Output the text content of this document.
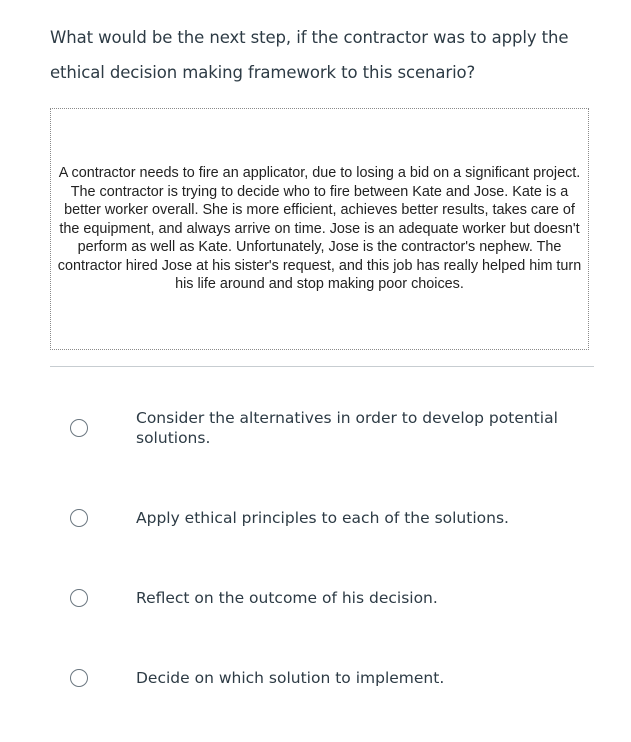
What would be the next step, if the contractor was to apply the ethical decision making framework to this scenario?
A contractor needs to fire an applicator, due to losing a bid on a significant project. The contractor is trying to decide who to fire between Kate and Jose. Kate is a better worker overall. She is more efficient, achieves better results, takes care of the equipment, and always arrive on time. Jose is an adequate worker but doesn't perform as well as Kate. Unfortunately, Jose is the contractor's nephew. The contractor hired Jose at his sister's request, and this job has really helped him turn his life around and stop making poor choices.
Consider the alternatives in order to develop potential solutions.
Apply ethical principles to each of the solutions.
Reflect on the outcome of his decision.
Decide on which solution to implement.
